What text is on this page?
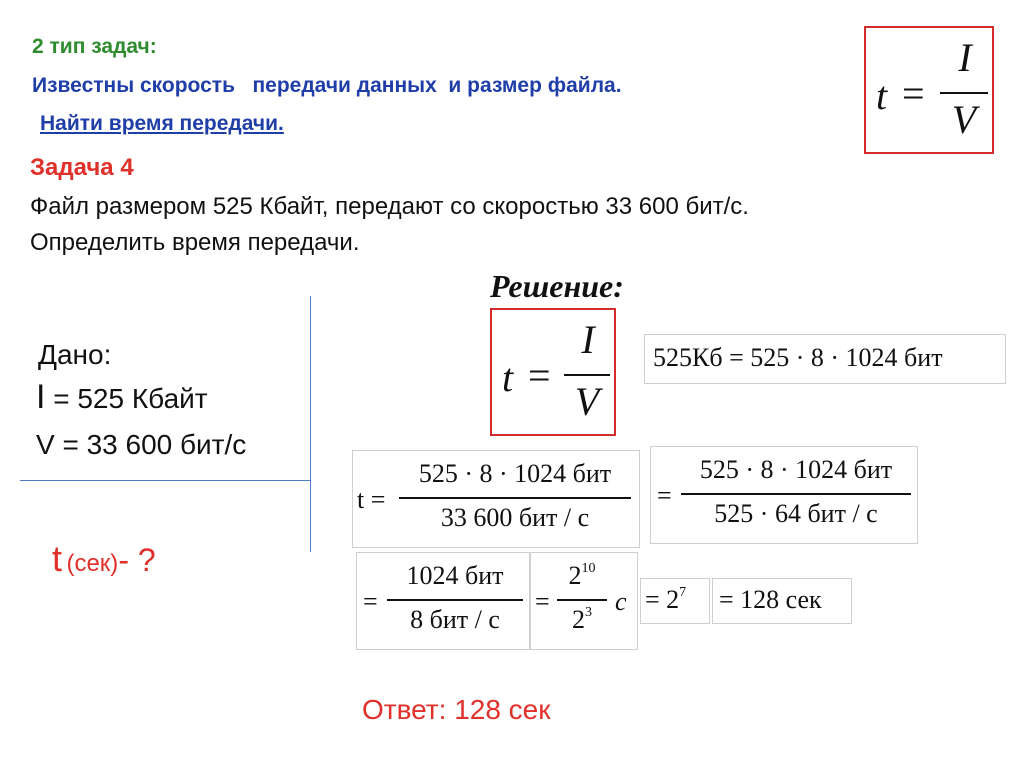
2 тип задач:
Известны скорость   передачи данных  и размер файла.
Найти время передачи.
t =
I
V
Задача 4
Файл размером 525 Кбайт, передают со скоростью 33 600 бит/с.
Определить время передачи.
Решение:
Дано:
I = 525 Кбайт
V = 33 600 бит/с
t (сек)- ?
t =
I
V
525Кб = 525 · 8 · 1024 бит
t =
525 · 8 · 1024 бит
33 600 бит / с
=
525 · 8 · 1024 бит
525 · 64 бит / с
=
1024 бит
8 бит / с
=
$2^{10}$
$2^3$ $с = 2^7 = 128$ сек
Ответ: 128 сек
